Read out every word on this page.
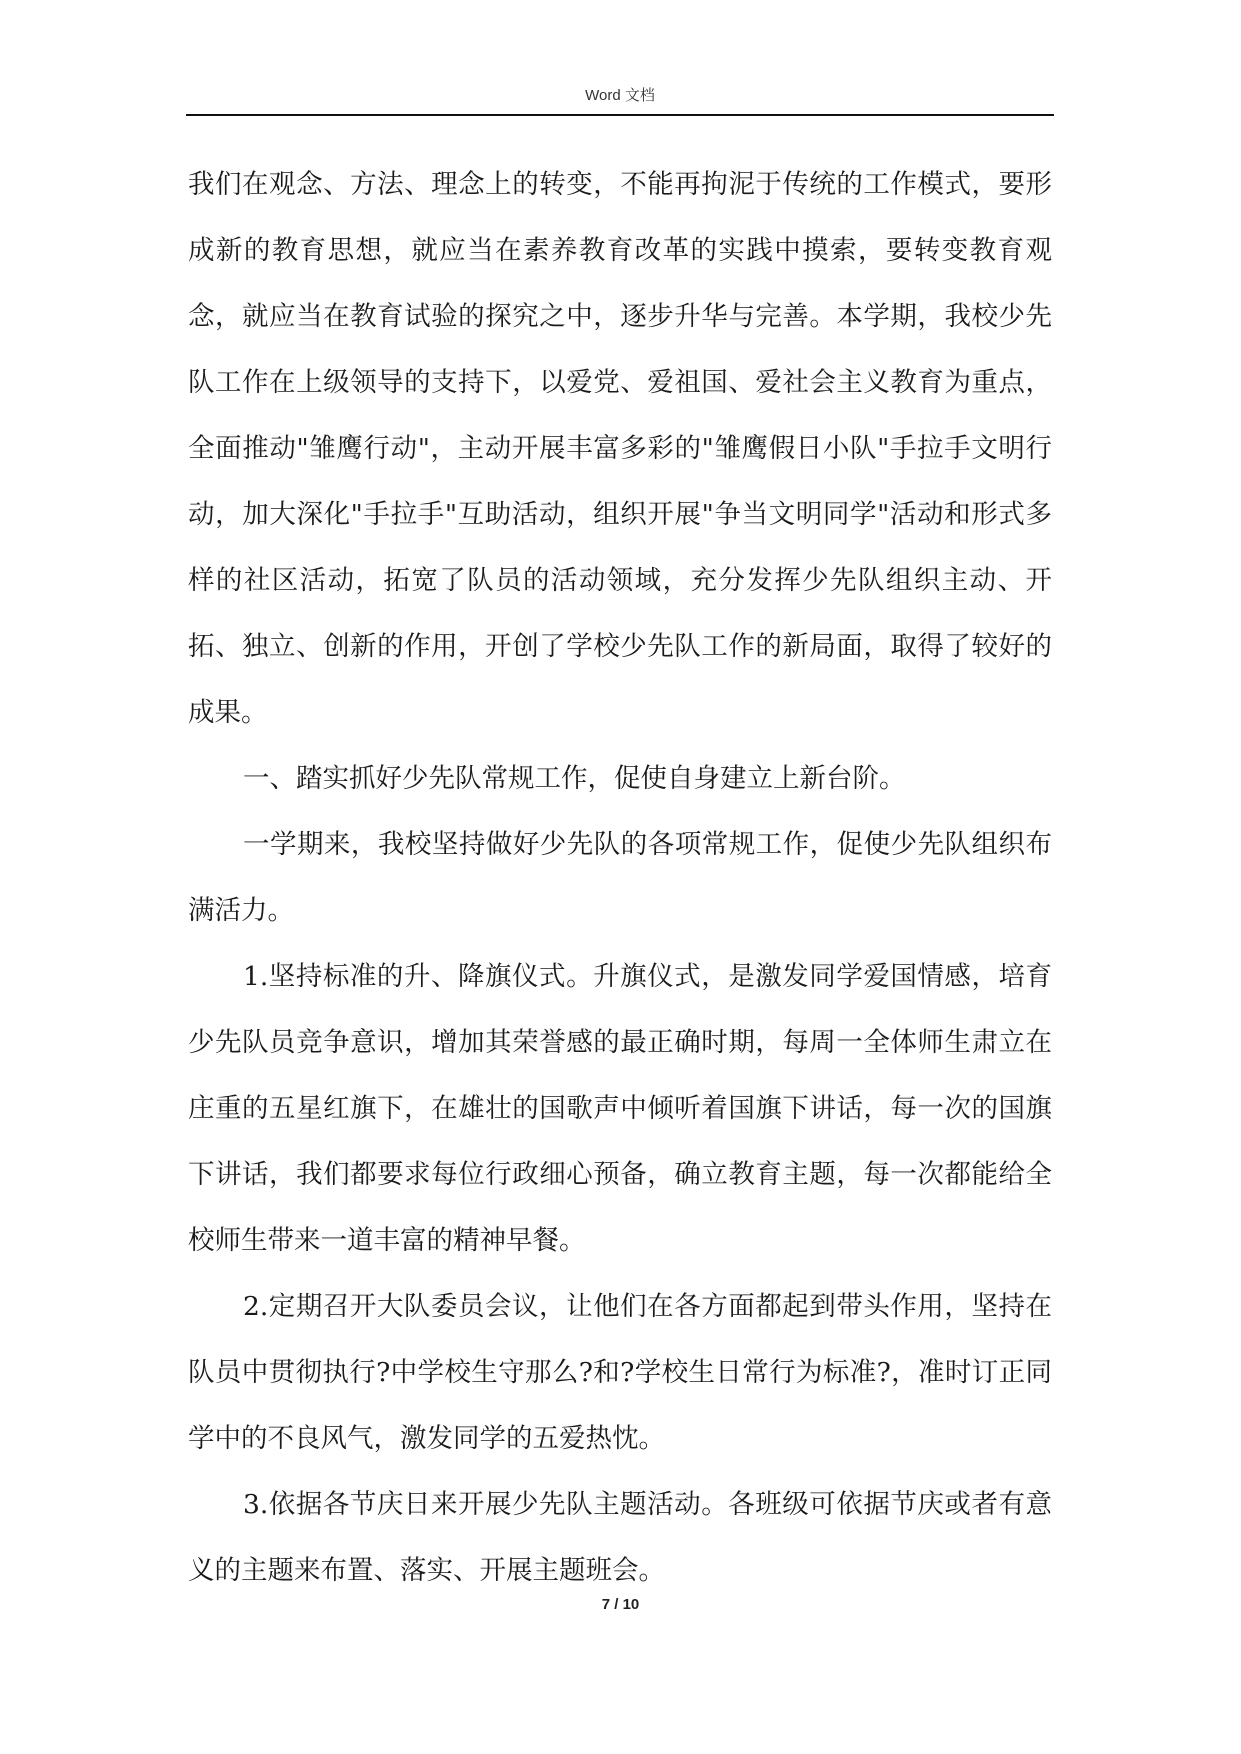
Word 文档

我们在观念、方法、理念上的转变，不能再拘泥于传统的工作模式，要形成新的教育思想，就应当在素养教育改革的实践中摸索，要转变教育观念，就应当在教育试验的探究之中，逐步升华与完善。本学期，我校少先队工作在上级领导的支持下，以爱党、爱祖国、爱社会主义教育为重点，全面推动"雏鹰行动"，主动开展丰富多彩的"雏鹰假日小队"手拉手文明行动，加大深化"手拉手"互助活动，组织开展"争当文明同学"活动和形式多样的社区活动，拓宽了队员的活动领域，充分发挥少先队组织主动、开拓、独立、创新的作用，开创了学校少先队工作的新局面，取得了较好的成果。

一、踏实抓好少先队常规工作，促使自身建立上新台阶。

一学期来，我校坚持做好少先队的各项常规工作，促使少先队组织布满活力。

1.坚持标准的升、降旗仪式。升旗仪式，是激发同学爱国情感，培育少先队员竞争意识，增加其荣誉感的最正确时期，每周一全体师生肃立在庄重的五星红旗下，在雄壮的国歌声中倾听着国旗下讲话，每一次的国旗下讲话，我们都要求每位行政细心预备，确立教育主题，每一次都能给全校师生带来一道丰富的精神早餐。

2.定期召开大队委员会议，让他们在各方面都起到带头作用，坚持在队员中贯彻执行?中学校生守那么?和?学校生日常行为标准?，准时订正同学中的不良风气，激发同学的五爱热忱。

3.依据各节庆日来开展少先队主题活动。各班级可依据节庆或者有意义的主题来布置、落实、开展主题班会。

7 / 10
